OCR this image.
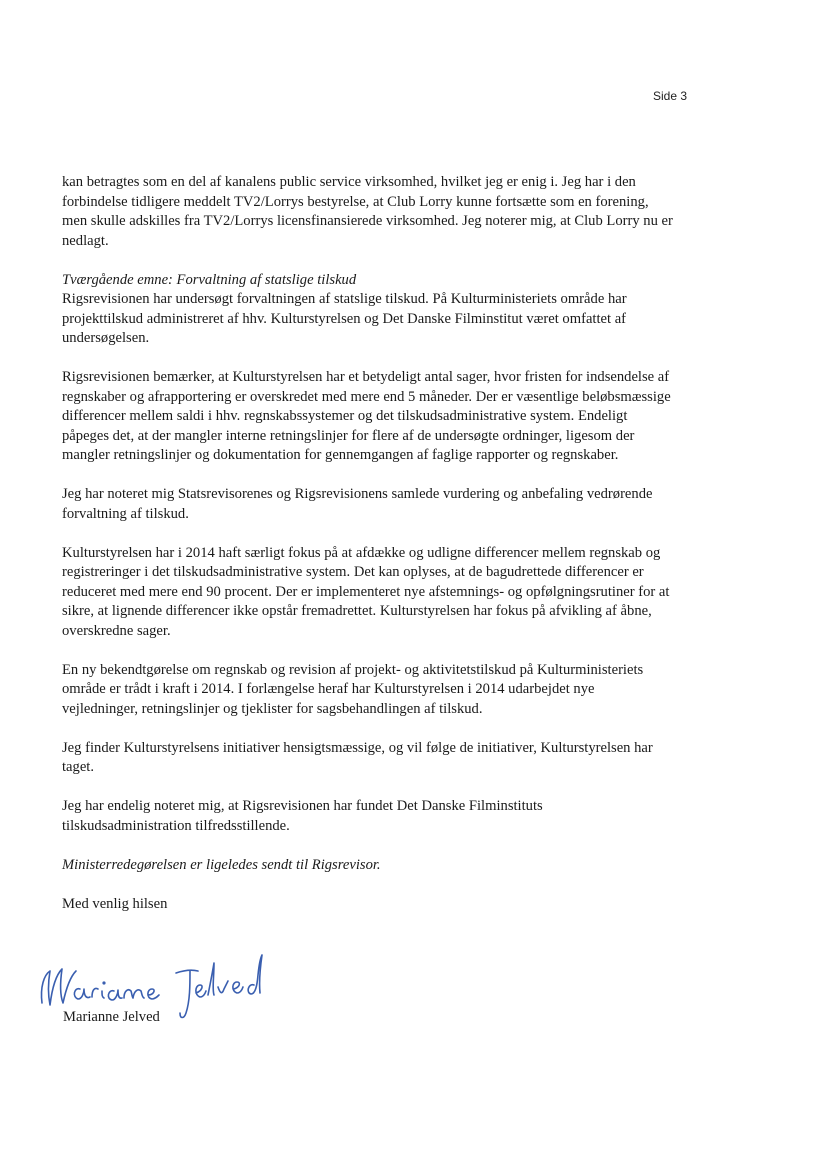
Side 3

kan betragtes som en del af kanalens public service virksomhed, hvilket jeg er enig i. Jeg har i den forbindelse tidligere meddelt TV2/Lorrys bestyrelse, at Club Lorry kunne fortsætte som en forening, men skulle adskilles fra TV2/Lorrys licensfinansierede virksomhed. Jeg noterer mig, at Club Lorry nu er nedlagt.

Tværgående emne: Forvaltning af statslige tilskud
Rigsrevisionen har undersøgt forvaltningen af statslige tilskud. På Kulturministeriets område har projekttilskud administreret af hhv. Kulturstyrelsen og Det Danske Filminstitut været omfattet af undersøgelsen.

Rigsrevisionen bemærker, at Kulturstyrelsen har et betydeligt antal sager, hvor fristen for indsendelse af regnskaber og afrapportering er overskredet med mere end 5 måneder. Der er væsentlige beløbsmæssige differencer mellem saldi i hhv. regnskabssystemer og det tilskudsadministrative system. Endeligt påpeges det, at der mangler interne retningslinjer for flere af de undersøgte ordninger, ligesom der mangler retningslinjer og dokumentation for gennemgangen af faglige rapporter og regnskaber.

Jeg har noteret mig Statsrevisorenes og Rigsrevisionens samlede vurdering og anbefaling vedrørende forvaltning af tilskud.

Kulturstyrelsen har i 2014 haft særligt fokus på at afdække og udligne differencer mellem regnskab og registreringer i det tilskudsadministrative system. Det kan oplyses, at de bagudrettede differencer er reduceret med mere end 90 procent. Der er implementeret nye afstemnings- og opfølgningsrutiner for at sikre, at lignende differencer ikke opstår fremadrettet. Kulturstyrelsen har fokus på afvikling af åbne, overskredne sager.

En ny bekendtgørelse om regnskab og revision af projekt- og aktivitetstilskud på Kulturministeriets område er trådt i kraft i 2014. I forlængelse heraf har Kulturstyrelsen i 2014 udarbejdet nye vejledninger, retningslinjer og tjeklister for sagsbehandlingen af tilskud.

Jeg finder Kulturstyrelsens initiativer hensigtsmæssige, og vil følge de initiativer, Kulturstyrelsen har taget.

Jeg har endelig noteret mig, at Rigsrevisionen har fundet Det Danske Filminstituts tilskudsadministration tilfredsstillende.

Ministerredegørelsen er ligeledes sendt til Rigsrevisor.

Med venlig hilsen

Marianne Jelved
Marianne Jelved
